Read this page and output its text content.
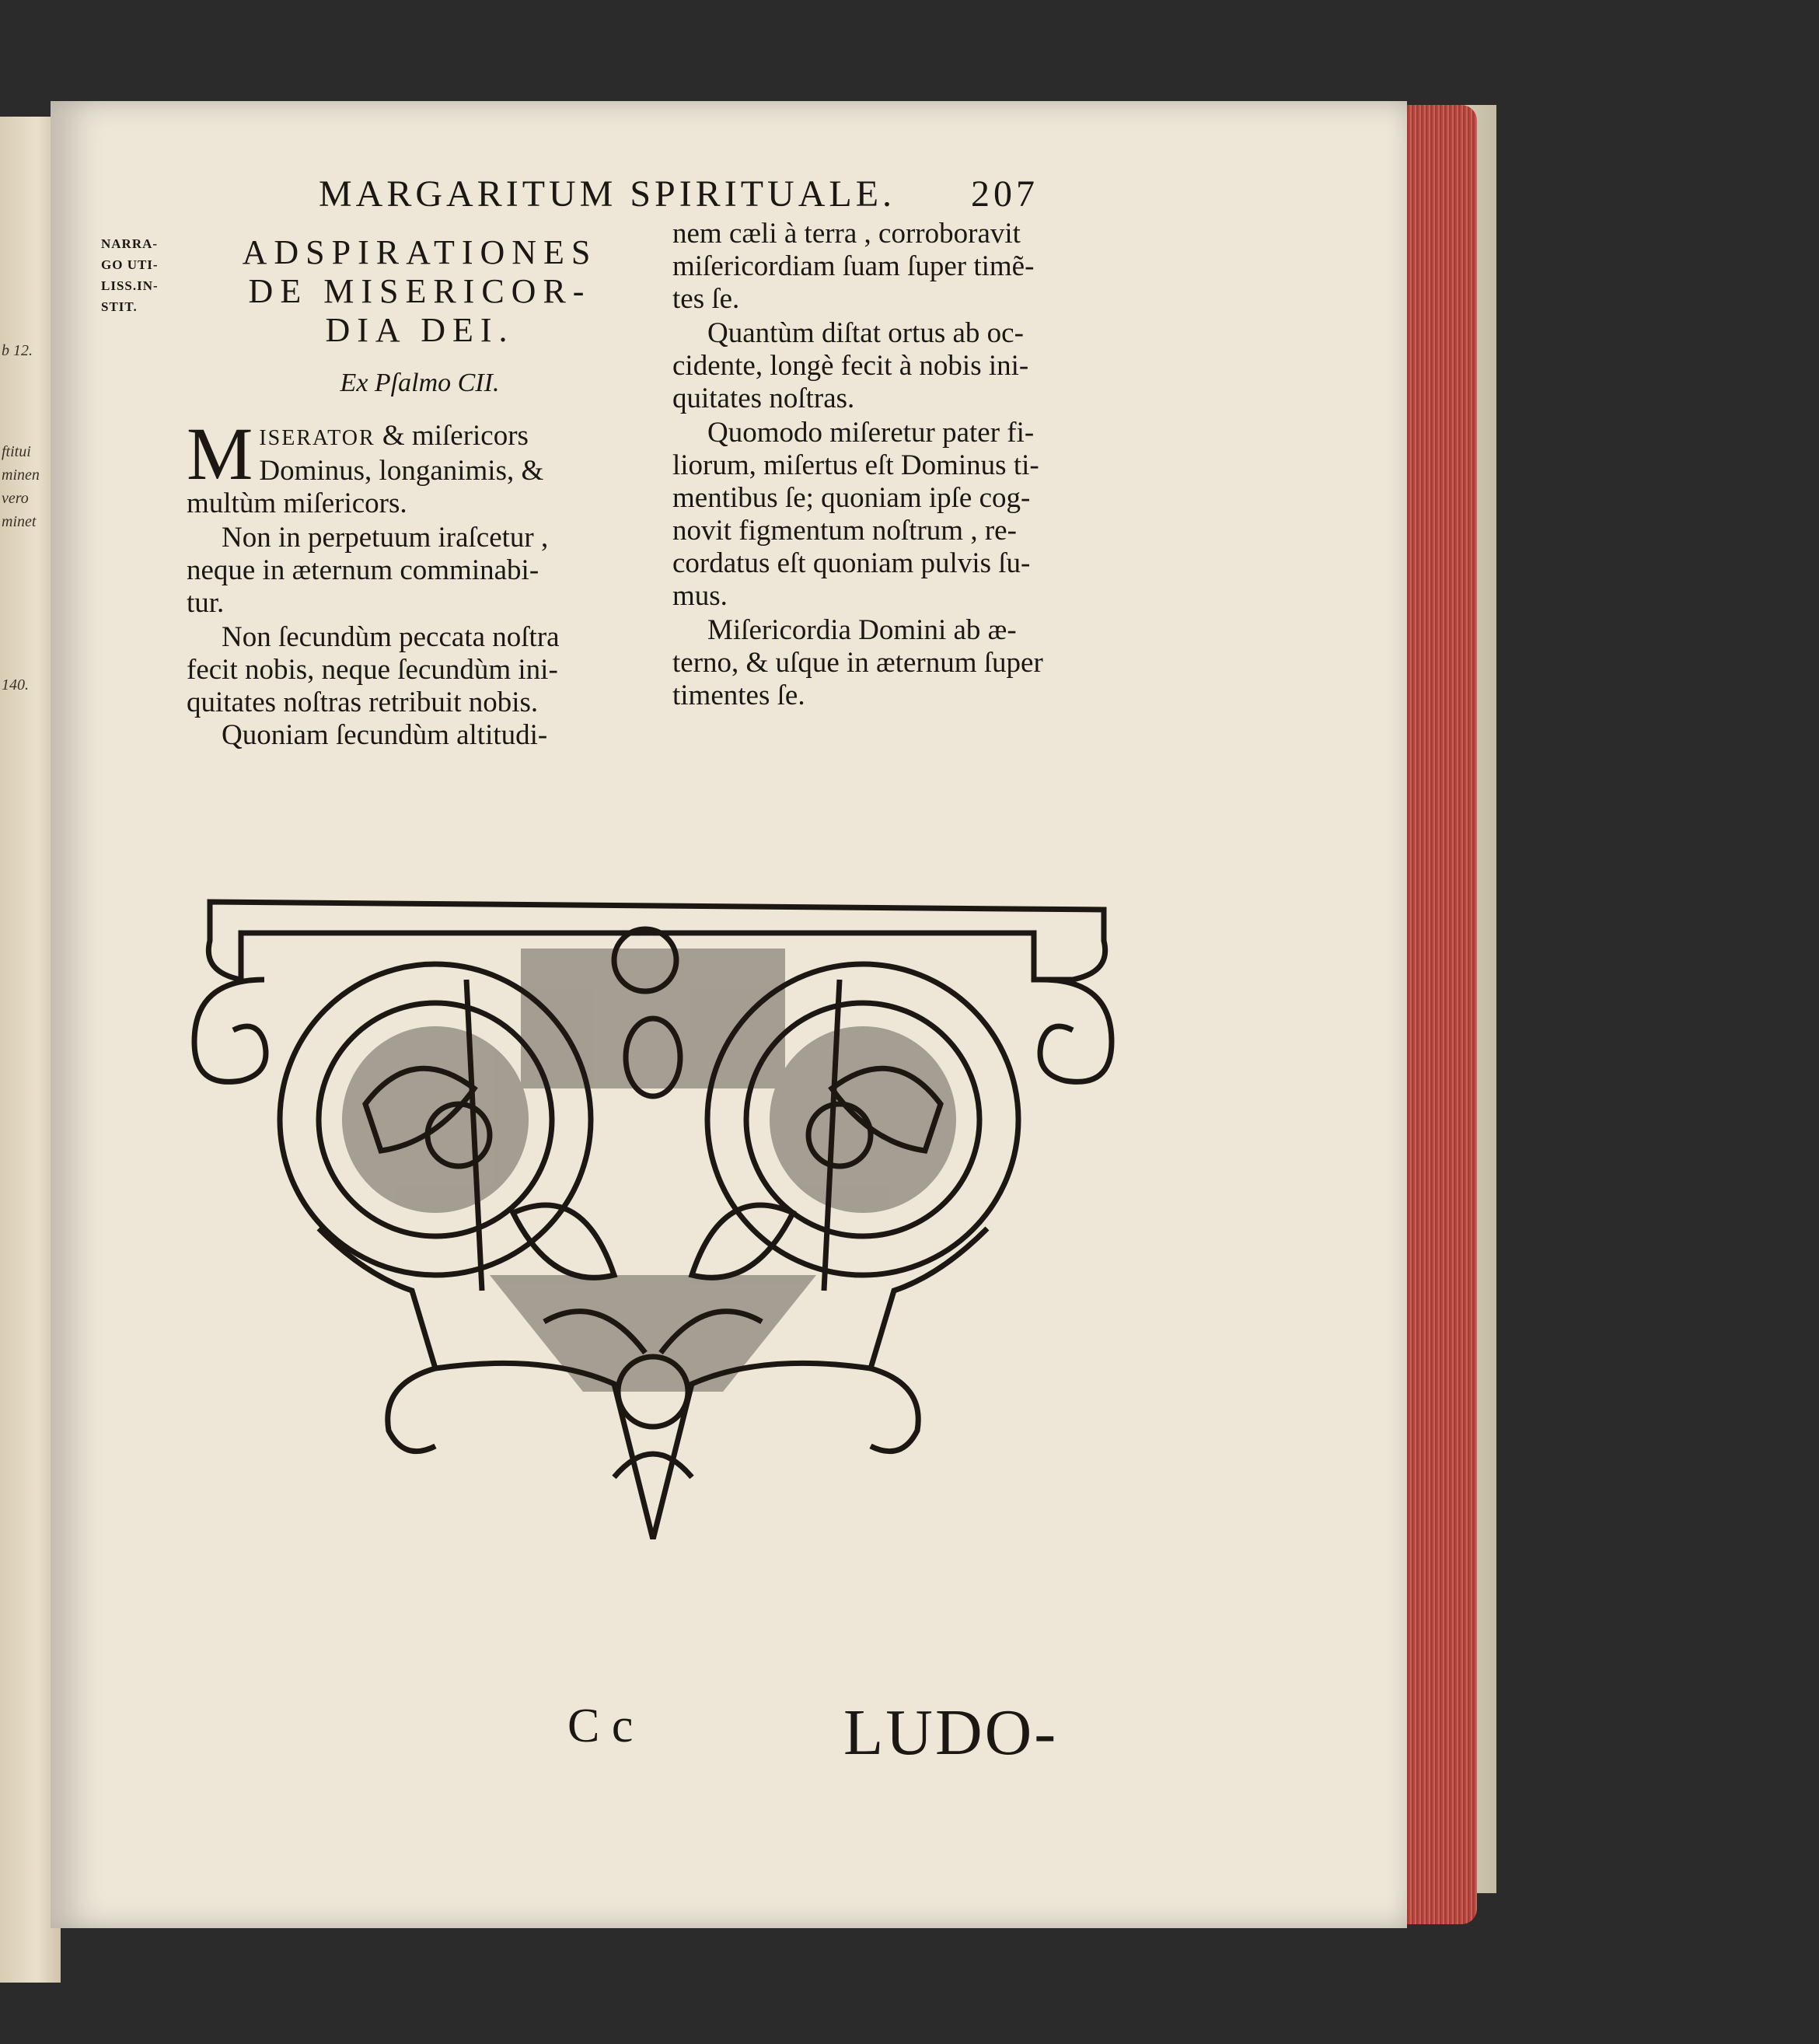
b 12.
ftitui
minen
vero
minet
140.
MARGARITUM SPIRITUALE. 207
NARRA-
GO UTI-
LISS.IN-
STIT.
ADSPIRATIONES
DE MISERICOR-
DIA DEI.
Ex Pſalmo CII.
M ISERATOR & miſericors
Dominus, longanimis, &
multùm miſericors.
Non in perpetuum iraſcetur ,
neque in æternum comminabi-
tur.
Non ſecundùm peccata noſtra
fecit nobis, neque ſecundùm ini-
quitates noſtras retribuit nobis.
Quoniam ſecundùm altitudi-
nem cæli à terra , corroboravit
miſericordiam ſuam ſuper timẽ-
tes ſe.
Quantùm diſtat ortus ab oc-
cidente, longè fecit à nobis ini-
quitates noſtras.
Quomodo miſeretur pater fi-
liorum, miſertus eſt Dominus ti-
mentibus ſe; quoniam ipſe cog-
novit figmentum noſtrum , re-
cordatus eſt quoniam pulvis ſu-
mus.
Miſericordia Domini ab æ-
terno, & uſque in æternum ſuper
timentes ſe.
C c	LUDO-
